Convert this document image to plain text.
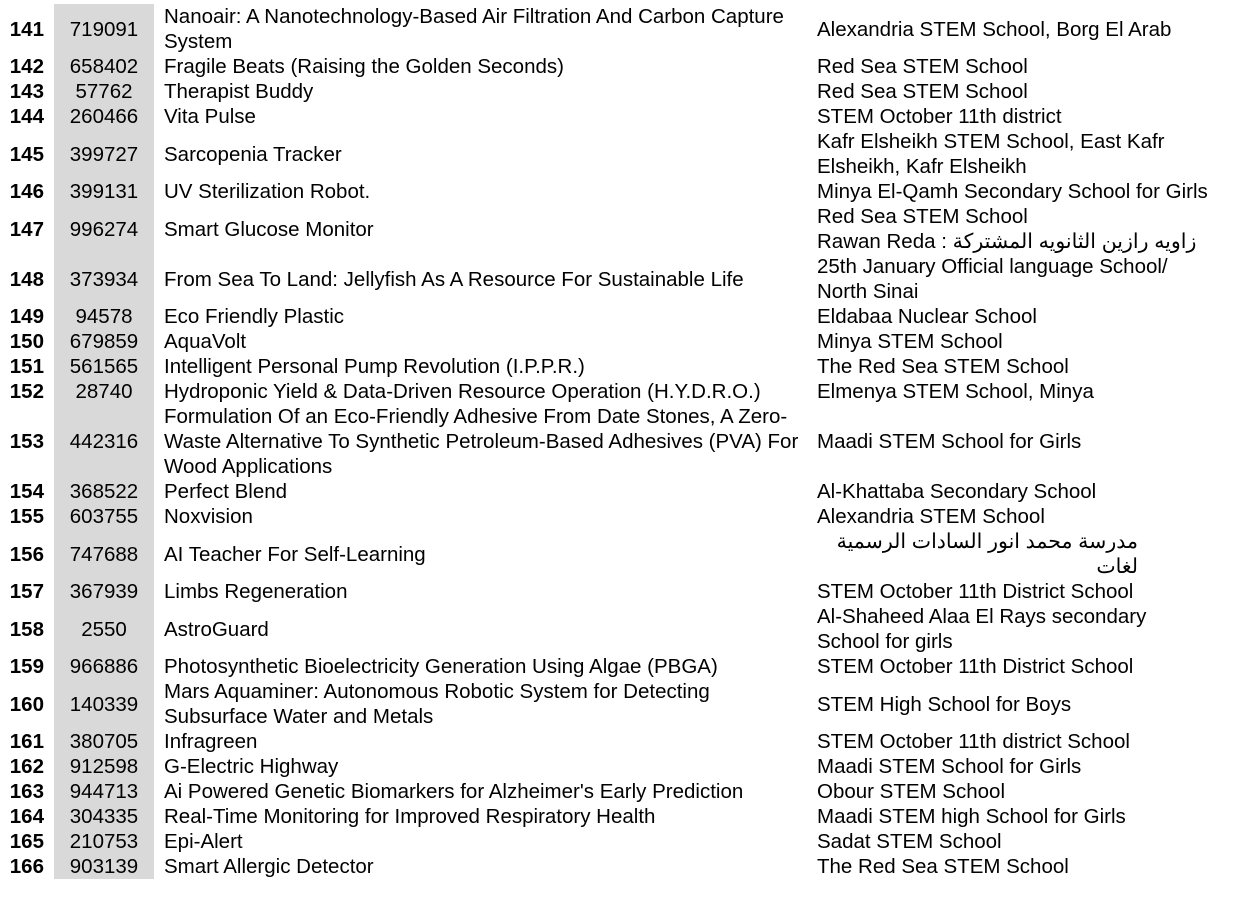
141	719091	Nanoair: A Nanotechnology-Based Air Filtration And Carbon Capture System	Alexandria STEM School, Borg El Arab
142	658402	Fragile Beats (Raising the Golden Seconds)	Red Sea STEM School
143	57762	Therapist Buddy	Red Sea STEM School
144	260466	Vita Pulse	STEM October 11th district
145	399727	Sarcopenia Tracker	Kafr Elsheikh STEM School, East Kafr Elsheikh, Kafr Elsheikh
146	399131	UV Sterilization Robot.	Minya El-Qamh Secondary School for Girls
147	996274	Smart Glucose Monitor	Red Sea STEM School
Rawan Reda : زاويه رازين الثانويه المشتركة

148	373934	From Sea To Land: Jellyfish As A Resource For Sustainable Life	25th January Official language School/ North Sinai
149	94578	Eco Friendly Plastic	Eldabaa Nuclear School
150	679859	AquaVolt	Minya STEM School
151	561565	Intelligent Personal Pump Revolution (I.P.P.R.)	The Red Sea STEM School
152	28740	Hydroponic Yield & Data-Driven Resource Operation (H.Y.D.R.O.)	Elmenya STEM School, Minya
153	442316	Formulation Of an Eco-Friendly Adhesive From Date Stones, A Zero-Waste Alternative To Synthetic Petroleum-Based Adhesives (PVA) For Wood Applications	Maadi STEM School for Girls
154	368522	Perfect Blend	Al-Khattaba Secondary School
155	603755	Noxvision	Alexandria STEM School
156	747688	AI Teacher For Self-Learning	مدرسة محمد انور السادات الرسمية لغات
157	367939	Limbs Regeneration	STEM October 11th District School
158	2550	AstroGuard	Al-Shaheed Alaa El Rays secondary School for girls
159	966886	Photosynthetic Bioelectricity Generation Using Algae (PBGA)	STEM October 11th District School
160	140339	Mars Aquaminer: Autonomous Robotic System for Detecting Subsurface Water and Metals	STEM High School for Boys
161	380705	Infragreen	STEM October 11th district School
162	912598	G-Electric Highway	Maadi STEM School for Girls
163	944713	Ai Powered Genetic Biomarkers for Alzheimer's Early Prediction	Obour STEM School
164	304335	Real-Time Monitoring for Improved Respiratory Health	Maadi STEM high School for Girls
165	210753	Epi-Alert	Sadat STEM School
166	903139	Smart Allergic Detector	The Red Sea STEM School
